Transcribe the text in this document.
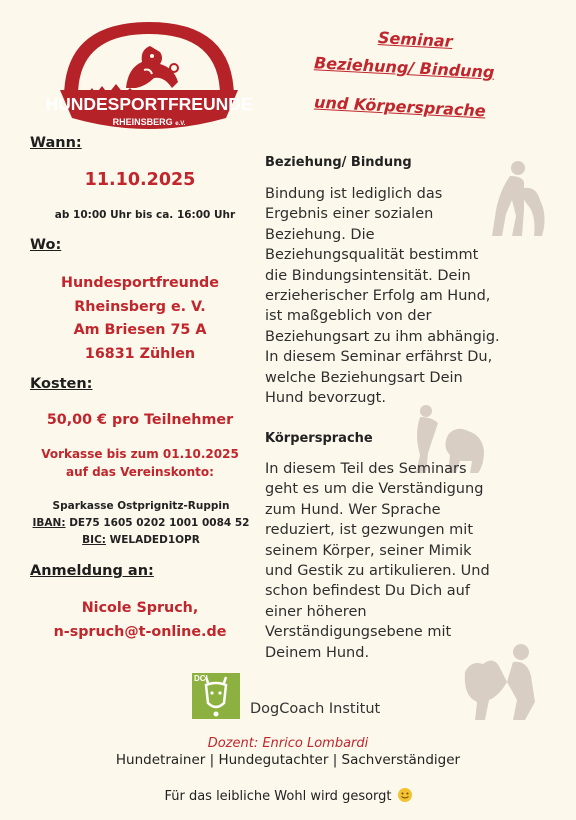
HUNDESPORTFREUNDE
RHEINSBERG e.V.
Seminar
Beziehung/ Bindung
und Körpersprache
Wann:
11.10.2025
ab 10:00 Uhr bis ca. 16:00 Uhr
Wo:
Hundesportfreunde
Rheinsberg e. V.
Am Briesen 75 A
16831 Zühlen
Kosten:
50,00 € pro Teilnehmer
Vorkasse bis zum 01.10.2025
auf das Vereinskonto:
Sparkasse Ostprignitz-Ruppin
IBAN: DE75 1605 0202 1001 0084 52
BIC: WELADED1OPR
Anmeldung an:
Nicole Spruch,
n-spruch@t-online.de
Beziehung/ Bindung
Bindung ist lediglich das
Ergebnis einer sozialen
Beziehung. Die
Beziehungsqualität bestimmt
die Bindungsintensität. Dein
erzieherischer Erfolg am Hund,
ist maßgeblich von der
Beziehungsart zu ihm abhängig.
In diesem Seminar erfährst Du,
welche Beziehungsart Dein
Hund bevorzugt.
Körpersprache
In diesem Teil des Seminars
geht es um die Verständigung
zum Hund. Wer Sprache
reduziert, ist gezwungen mit
seinem Körper, seiner Mimik
und Gestik zu artikulieren. Und
schon befindest Du Dich auf
einer höheren
Verständigungsebene mit
Deinem Hund.
DCI
DogCoach Institut
Dozent: Enrico Lombardi
Hundetrainer | Hundegutachter | Sachverständiger
Für das leibliche Wohl wird gesorgt
